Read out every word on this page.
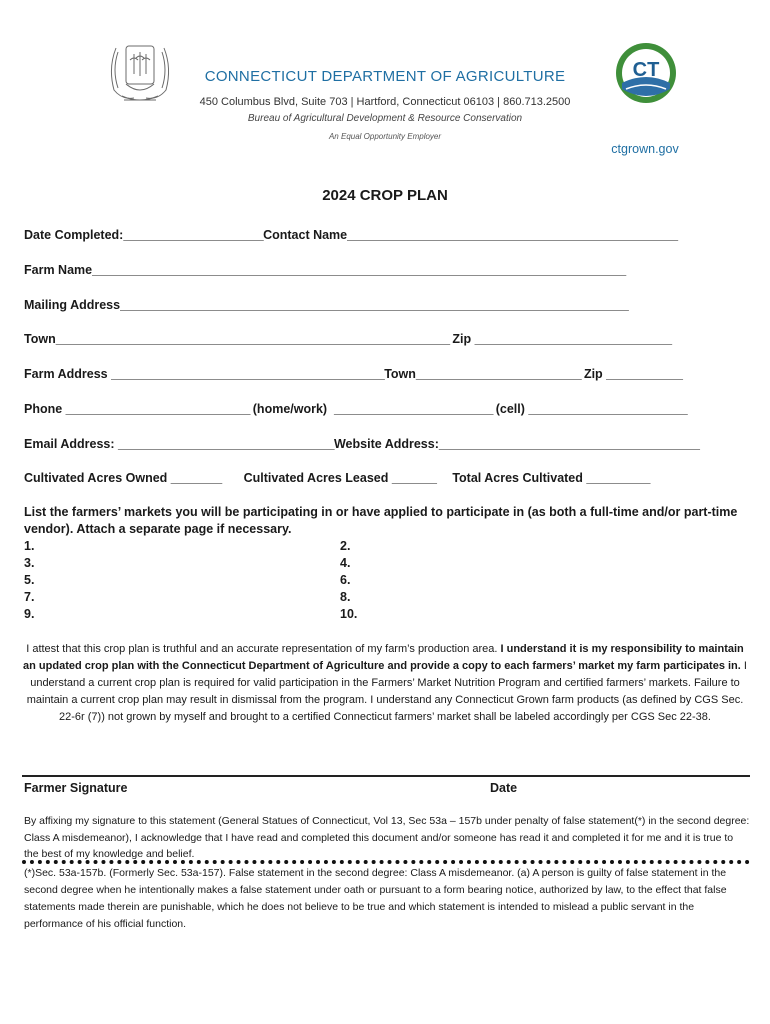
CONNECTICUT DEPARTMENT OF AGRICULTURE
450 Columbus Blvd, Suite 703 | Hartford, Connecticut 06103 | 860.713.2500
Bureau of Agricultural Development & Resource Conservation
An Equal Opportunity Employer
CT
ctgrown.gov
2024 CROP PLAN
Date Completed:______________________Contact Name____________________________________________________
Farm Name____________________________________________________________________________________
Mailing Address________________________________________________________________________________
Town______________________________________________________________ Zip _______________________________
Farm Address ___________________________________________Town__________________________ Zip ____________
Phone _____________________________ (home/work)  _________________________ (cell) _________________________
Email Address: __________________________________Website Address:_________________________________________
Cultivated Acres Owned ________ Cultivated Acres Leased _______ Total Acres Cultivated __________
List the farmers’ markets you will be participating in or have applied to participate in (as both a full-time and/or part-time vendor). Attach a separate page if necessary.
1.
3.
5.
7.
9.
2.
4.
6.
8.
10.
I attest that this crop plan is truthful and an accurate representation of my farm’s production area. I understand it is my responsibility to maintain an updated crop plan with the Connecticut Department of Agriculture and provide a copy to each farmers’ market my farm participates in. I understand a current crop plan is required for valid participation in the Farmers’ Market Nutrition Program and certified farmers’ markets. Failure to maintain a current crop plan may result in dismissal from the program. I understand any Connecticut Grown farm products (as defined by CGS Sec. 22-6r (7)) not grown by myself and brought to a certified Connecticut farmers’ market shall be labeled accordingly per CGS Sec 22-38.
Farmer Signature	Date
By affixing my signature to this statement (General Statues of Connecticut, Vol 13, Sec 53a – 157b under penalty of false statement(*) in the second degree: Class A misdemeanor), I acknowledge that I have read and completed this document and/or someone has read it and completed it for me and it is true to the best of my knowledge and belief.
(*)Sec. 53a-157b. (Formerly Sec. 53a-157). False statement in the second degree: Class A misdemeanor. (a) A person is guilty of false statement in the second degree when he intentionally makes a false statement under oath or pursuant to a form bearing notice, authorized by law, to the effect that false statements made therein are punishable, which he does not believe to be true and which statement is intended to mislead a public servant in the performance of his official function.
